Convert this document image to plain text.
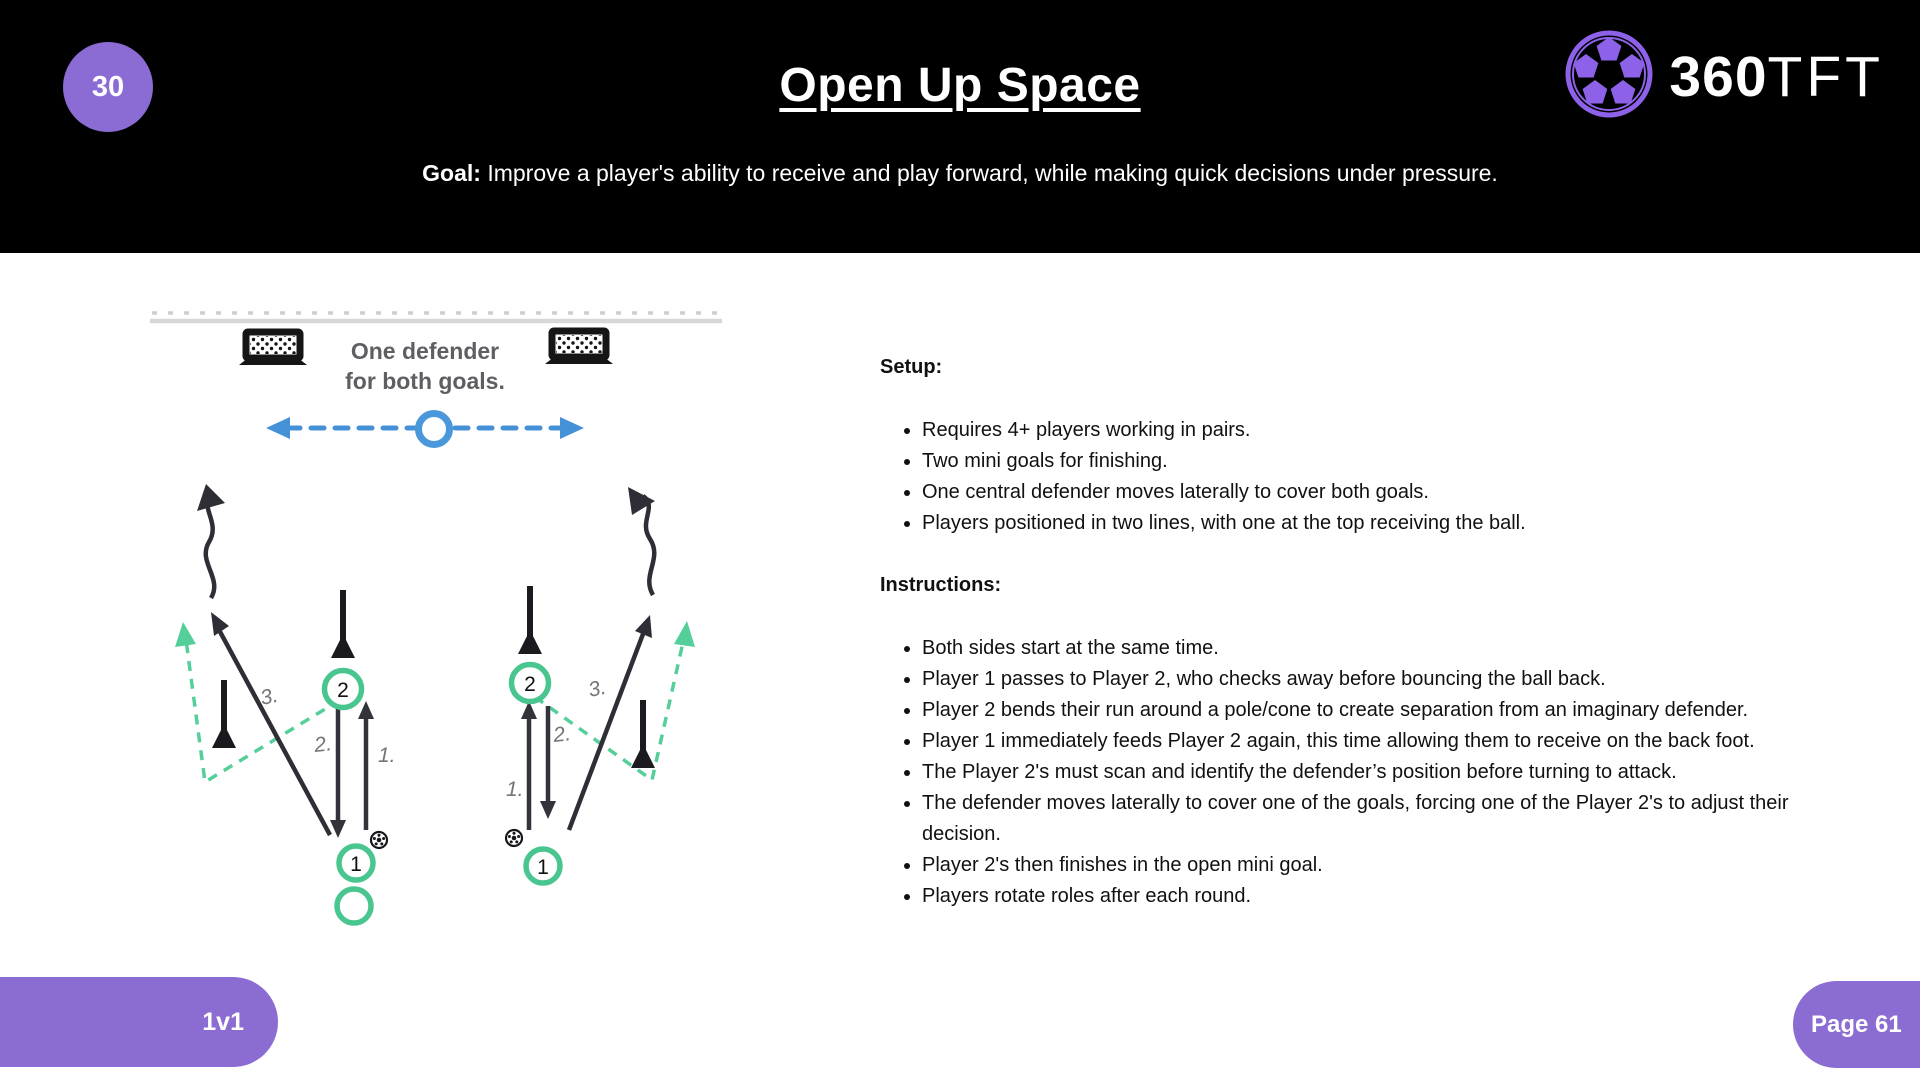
30	Open Up Space

Goal: Improve a player's ability to receive and play forward, while making quick decisions under pressure.

360TFT
One defender
for both goals.
3.
2. 1.
3.
2.
1.
2	2
1	1
Setup:
• Requires 4+ players working in pairs.
• Two mini goals for finishing.
• One central defender moves laterally to cover both goals.
• Players positioned in two lines, with one at the top receiving the ball.
Instructions:
• Both sides start at the same time.
• Player 1 passes to Player 2, who checks away before bouncing the ball back.
• Player 2 bends their run around a pole/cone to create separation from an imaginary defender.
• Player 1 immediately feeds Player 2 again, this time allowing them to receive on the back foot.
• The Player 2's must scan and identify the defender’s position before turning to attack.
• The defender moves laterally to cover one of the goals, forcing one of the Player 2's to adjust their decision.
• Player 2's then finishes in the open mini goal.
• Players rotate roles after each round.
1v1	Page 61
